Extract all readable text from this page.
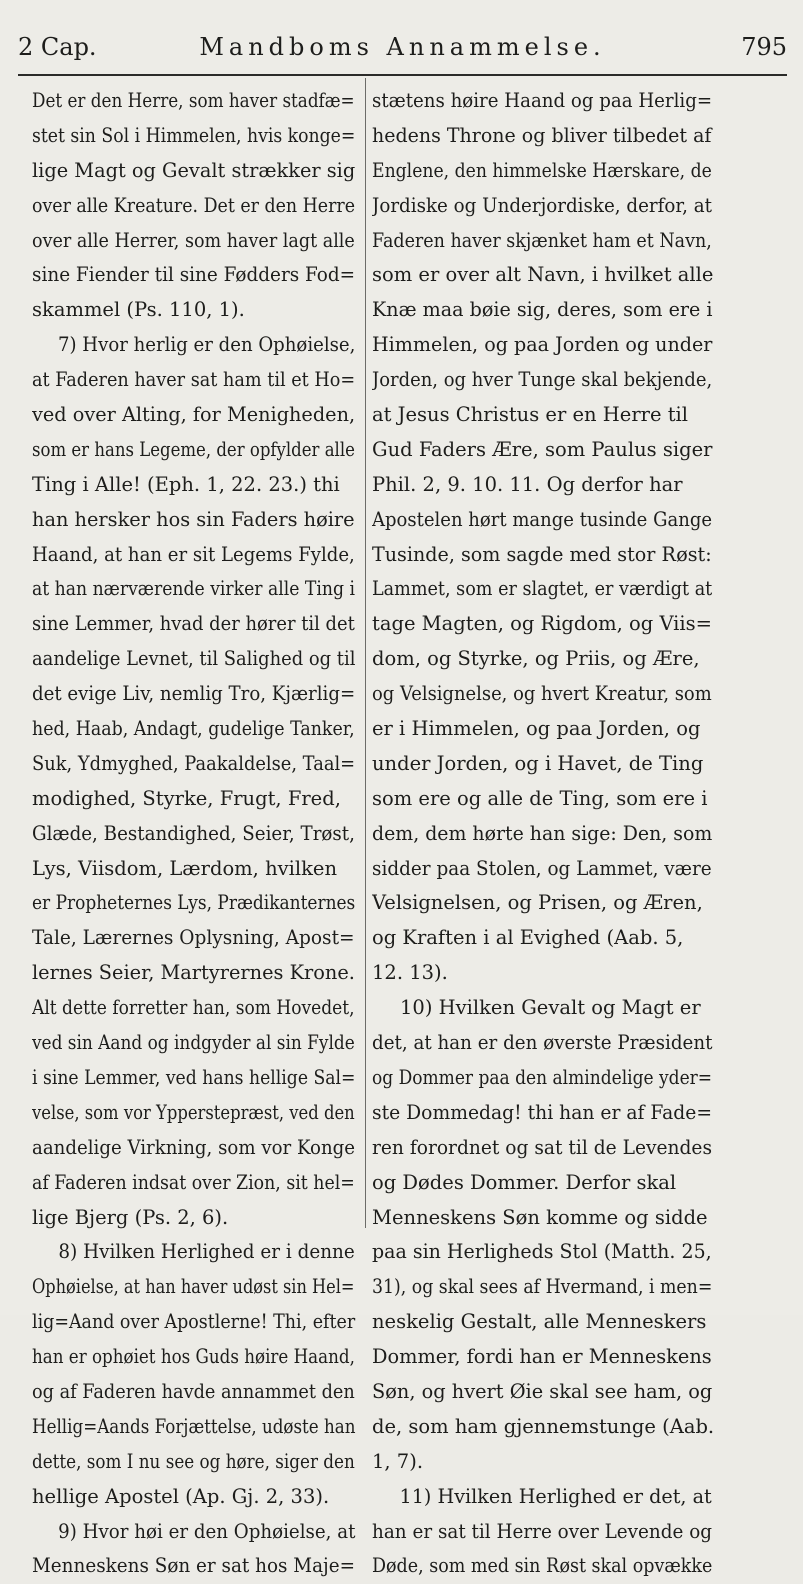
2 Cap.	Mandboms Annammelse.	795
Det er den Herre, som haver stadfæ=
stet sin Sol i Himmelen, hvis konge=
lige Magt og Gevalt strækker sig
over alle Kreature. Det er den Herre
over alle Herrer, som haver lagt alle
sine Fiender til sine Fødders Fod=
skammel (Ps. 110, 1).
7) Hvor herlig er den Ophøielse,
at Faderen haver sat ham til et Ho=
ved over Alting, for Menigheden,
som er hans Legeme, der opfylder alle
Ting i Alle! (Eph. 1, 22. 23.) thi
han hersker hos sin Faders høire
Haand, at han er sit Legems Fylde,
at han nærværende virker alle Ting i
sine Lemmer, hvad der hører til det
aandelige Levnet, til Salighed og til
det evige Liv, nemlig Tro, Kjærlig=
hed, Haab, Andagt, gudelige Tanker,
Suk, Ydmyghed, Paakaldelse, Taal=
modighed, Styrke, Frugt, Fred,
Glæde, Bestandighed, Seier, Trøst,
Lys, Viisdom, Lærdom, hvilken
er Propheternes Lys, Prædikanternes
Tale, Lærernes Oplysning, Apost=
lernes Seier, Martyrernes Krone.
Alt dette forretter han, som Hovedet,
ved sin Aand og indgyder al sin Fylde
i sine Lemmer, ved hans hellige Sal=
velse, som vor Ypperstepræst, ved den
aandelige Virkning, som vor Konge
af Faderen indsat over Zion, sit hel=
lige Bjerg (Ps. 2, 6).
8) Hvilken Herlighed er i denne
Ophøielse, at han haver udøst sin Hel=
lig=Aand over Apostlerne! Thi, efter
han er ophøiet hos Guds høire Haand,
og af Faderen havde annammet den
Hellig=Aands Forjættelse, udøste han
dette, som I nu see og høre, siger den
hellige Apostel (Ap. Gj. 2, 33).
9) Hvor høi er den Ophøielse, at
Menneskens Søn er sat hos Maje=
stætens høire Haand og paa Herlig=
hedens Throne og bliver tilbedet af
Englene, den himmelske Hærskare, de
Jordiske og Underjordiske, derfor, at
Faderen haver skjænket ham et Navn,
som er over alt Navn, i hvilket alle
Knæ maa bøie sig, deres, som ere i
Himmelen, og paa Jorden og under
Jorden, og hver Tunge skal bekjende,
at Jesus Christus er en Herre til
Gud Faders Ære, som Paulus siger
Phil. 2, 9. 10. 11. Og derfor har
Apostelen hørt mange tusinde Gange
Tusinde, som sagde med stor Røst:
Lammet, som er slagtet, er værdigt at
tage Magten, og Rigdom, og Viis=
dom, og Styrke, og Priis, og Ære,
og Velsignelse, og hvert Kreatur, som
er i Himmelen, og paa Jorden, og
under Jorden, og i Havet, de Ting
som ere og alle de Ting, som ere i
dem, dem hørte han sige: Den, som
sidder paa Stolen, og Lammet, være
Velsignelsen, og Prisen, og Æren,
og Kraften i al Evighed (Aab. 5,
12. 13).
10) Hvilken Gevalt og Magt er
det, at han er den øverste Præsident
og Dommer paa den almindelige yder=
ste Dommedag! thi han er af Fade=
ren forordnet og sat til de Levendes
og Dødes Dommer. Derfor skal
Menneskens Søn komme og sidde
paa sin Herligheds Stol (Matth. 25,
31), og skal sees af Hvermand, i men=
neskelig Gestalt, alle Menneskers
Dommer, fordi han er Menneskens
Søn, og hvert Øie skal see ham, og
de, som ham gjennemstunge (Aab.
1, 7).
11) Hvilken Herlighed er det, at
han er sat til Herre over Levende og
Døde, som med sin Røst skal opvække
